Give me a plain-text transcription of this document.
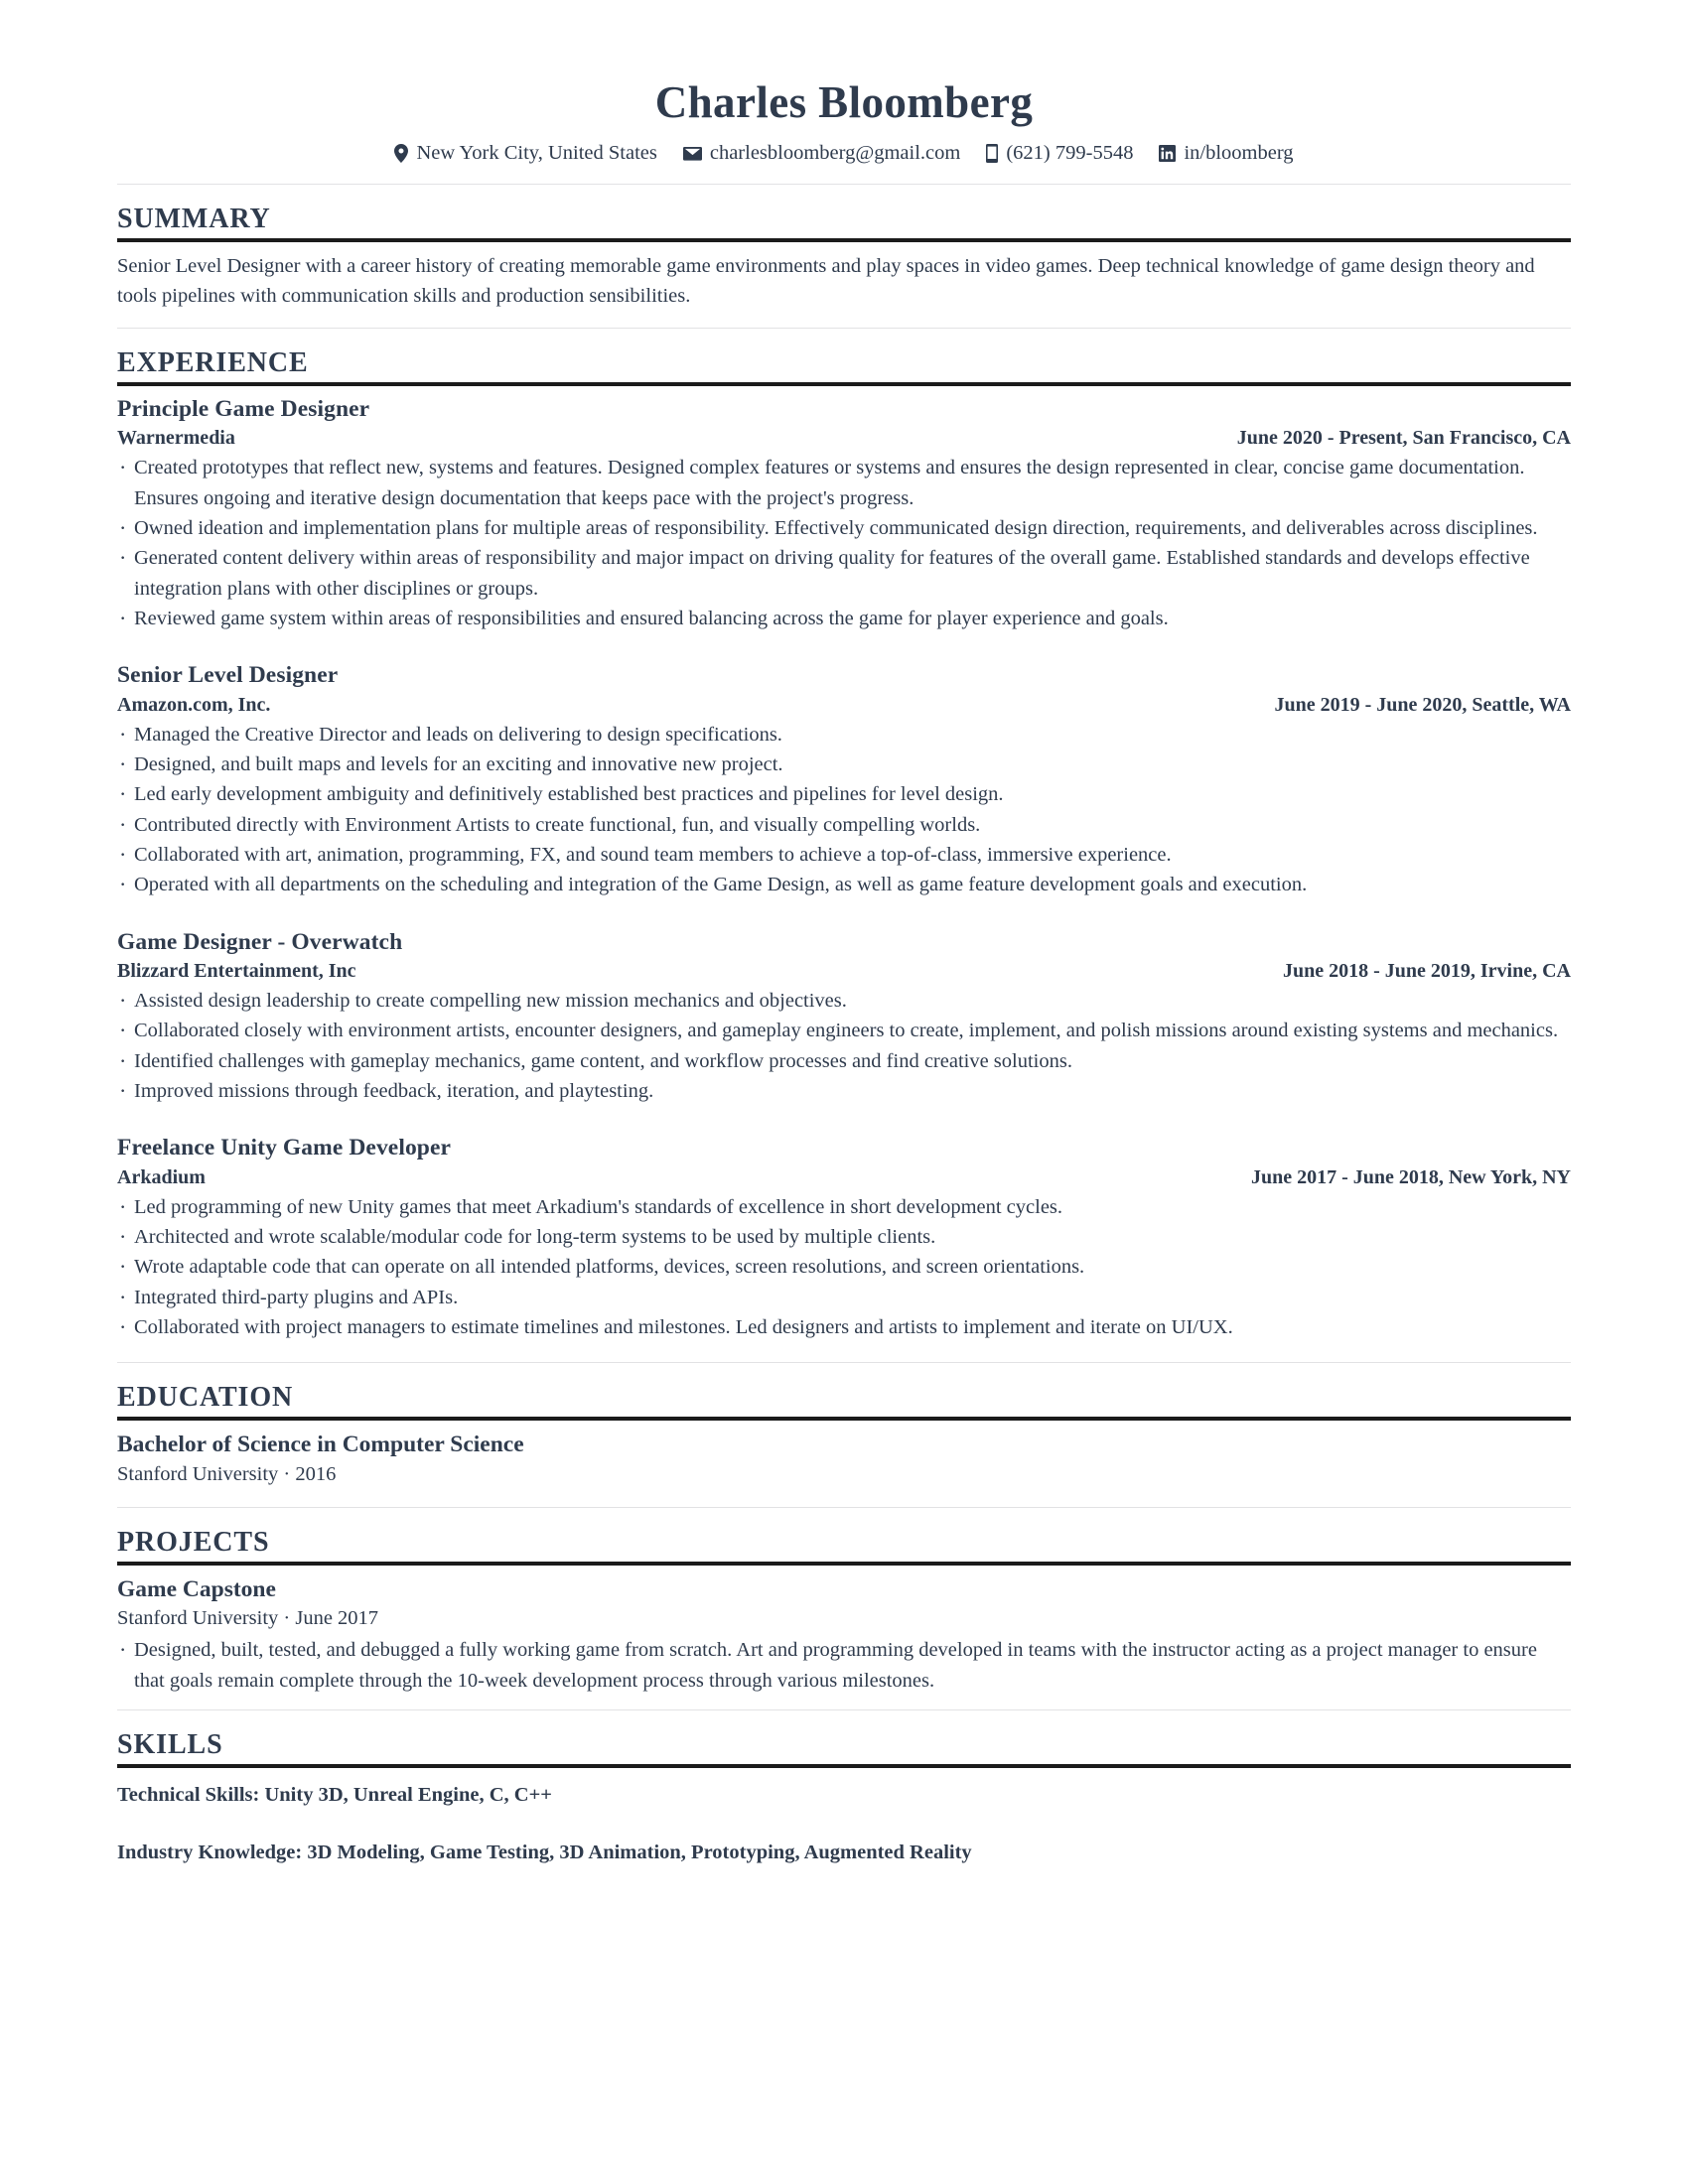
Charles Bloomberg
New York City, United States	charlesbloomberg@gmail.com (621) 799-5548 in/bloomberg
SUMMARY
Senior Level Designer with a career history of creating memorable game environments and play spaces in video games. Deep technical knowledge of game design theory and tools pipelines with communication skills and production sensibilities.
EXPERIENCE
Principle Game Designer
Warnermedia	June 2020 - Present, San Francisco, CA
· Created prototypes that reflect new, systems and features. Designed complex features or systems and ensures the design represented in clear, concise game documentation. Ensures ongoing and iterative design documentation that keeps pace with the project's progress.
· Owned ideation and implementation plans for multiple areas of responsibility. Effectively communicated design direction, requirements, and deliverables across disciplines.
· Generated content delivery within areas of responsibility and major impact on driving quality for features of the overall game. Established standards and develops effective integration plans with other disciplines or groups.
· Reviewed game system within areas of responsibilities and ensured balancing across the game for player experience and goals.
Senior Level Designer
Amazon.com, Inc.	June 2019 - June 2020, Seattle, WA
· Managed the Creative Director and leads on delivering to design specifications.
· Designed, and built maps and levels for an exciting and innovative new project.
· Led early development ambiguity and definitively established best practices and pipelines for level design.
· Contributed directly with Environment Artists to create functional, fun, and visually compelling worlds.
· Collaborated with art, animation, programming, FX, and sound team members to achieve a top-of-class, immersive experience.
· Operated with all departments on the scheduling and integration of the Game Design, as well as game feature development goals and execution.
Game Designer - Overwatch
Blizzard Entertainment, Inc	June 2018 - June 2019, Irvine, CA
· Assisted design leadership to create compelling new mission mechanics and objectives.
· Collaborated closely with environment artists, encounter designers, and gameplay engineers to create, implement, and polish missions around existing systems and mechanics.
· Identified challenges with gameplay mechanics, game content, and workflow processes and find creative solutions.
· Improved missions through feedback, iteration, and playtesting.
Freelance Unity Game Developer
Arkadium	June 2017 - June 2018, New York, NY
· Led programming of new Unity games that meet Arkadium's standards of excellence in short development cycles.
· Architected and wrote scalable/modular code for long-term systems to be used by multiple clients.
· Wrote adaptable code that can operate on all intended platforms, devices, screen resolutions, and screen orientations.
· Integrated third-party plugins and APIs.
· Collaborated with project managers to estimate timelines and milestones. Led designers and artists to implement and iterate on UI/UX.
EDUCATION
Bachelor of Science in Computer Science
Stanford University · 2016
PROJECTS
Game Capstone
Stanford University · June 2017
· Designed, built, tested, and debugged a fully working game from scratch. Art and programming developed in teams with the instructor acting as a project manager to ensure that goals remain complete through the 10-week development process through various milestones.
SKILLS
Technical Skills: Unity 3D, Unreal Engine, C, C++
Industry Knowledge: 3D Modeling, Game Testing, 3D Animation, Prototyping, Augmented Reality
